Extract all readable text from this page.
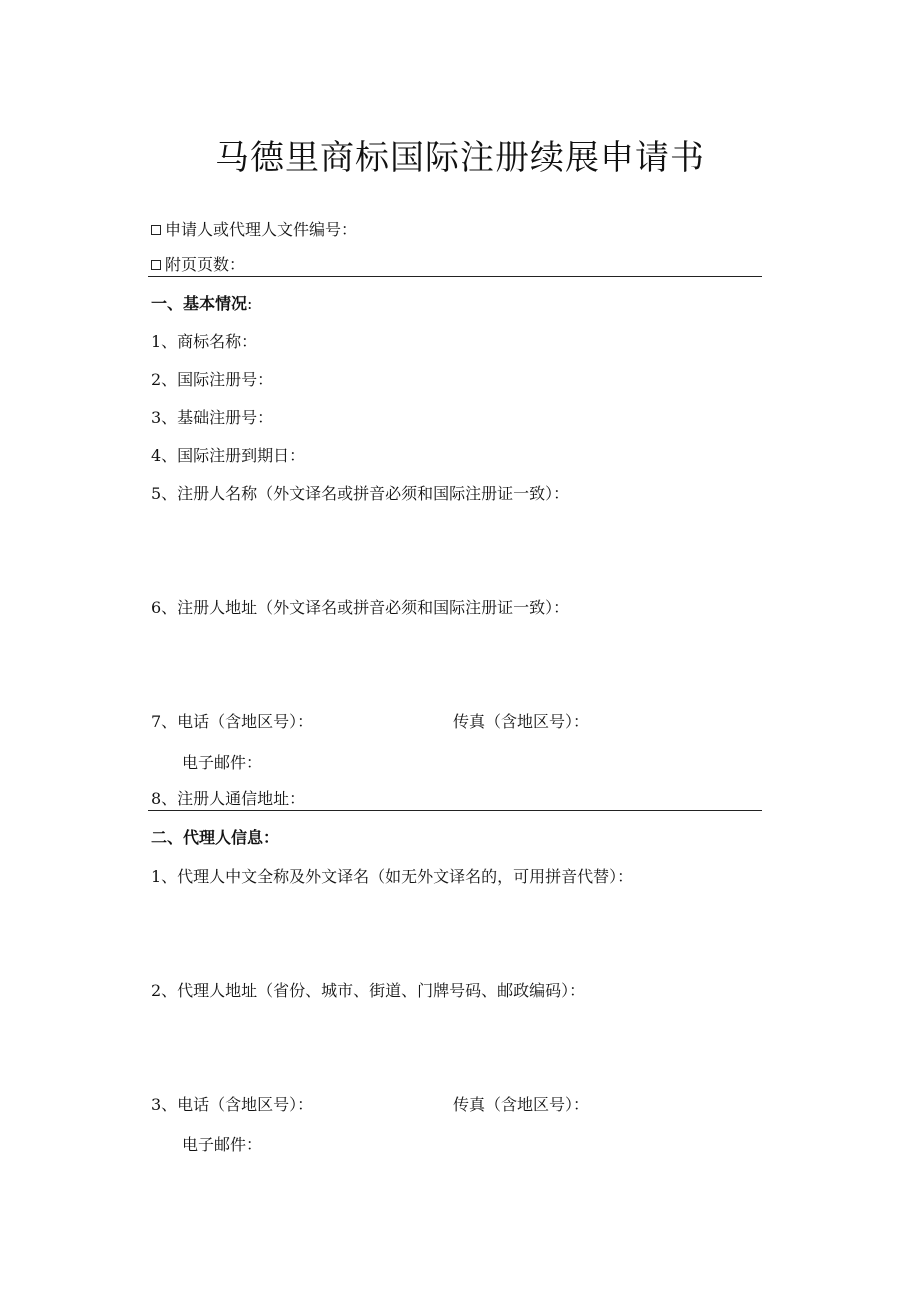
马德里商标国际注册续展申请书
申请人或代理人文件编号：
附页页数：
一、基本情况:
1、商标名称：
2、国际注册号：
3、基础注册号：
4、国际注册到期日：
5、注册人名称（外文译名或拼音必须和国际注册证一致）：
6、注册人地址（外文译名或拼音必须和国际注册证一致）：
7、电话（含地区号）：	传真（含地区号）：
电子邮件：
8、注册人通信地址：
二、代理人信息：
1、代理人中文全称及外文译名（如无外文译名的，可用拼音代替）：
2、代理人地址（省份、城市、街道、门牌号码、邮政编码）：
3、电话（含地区号）：	传真（含地区号）：
电子邮件：
